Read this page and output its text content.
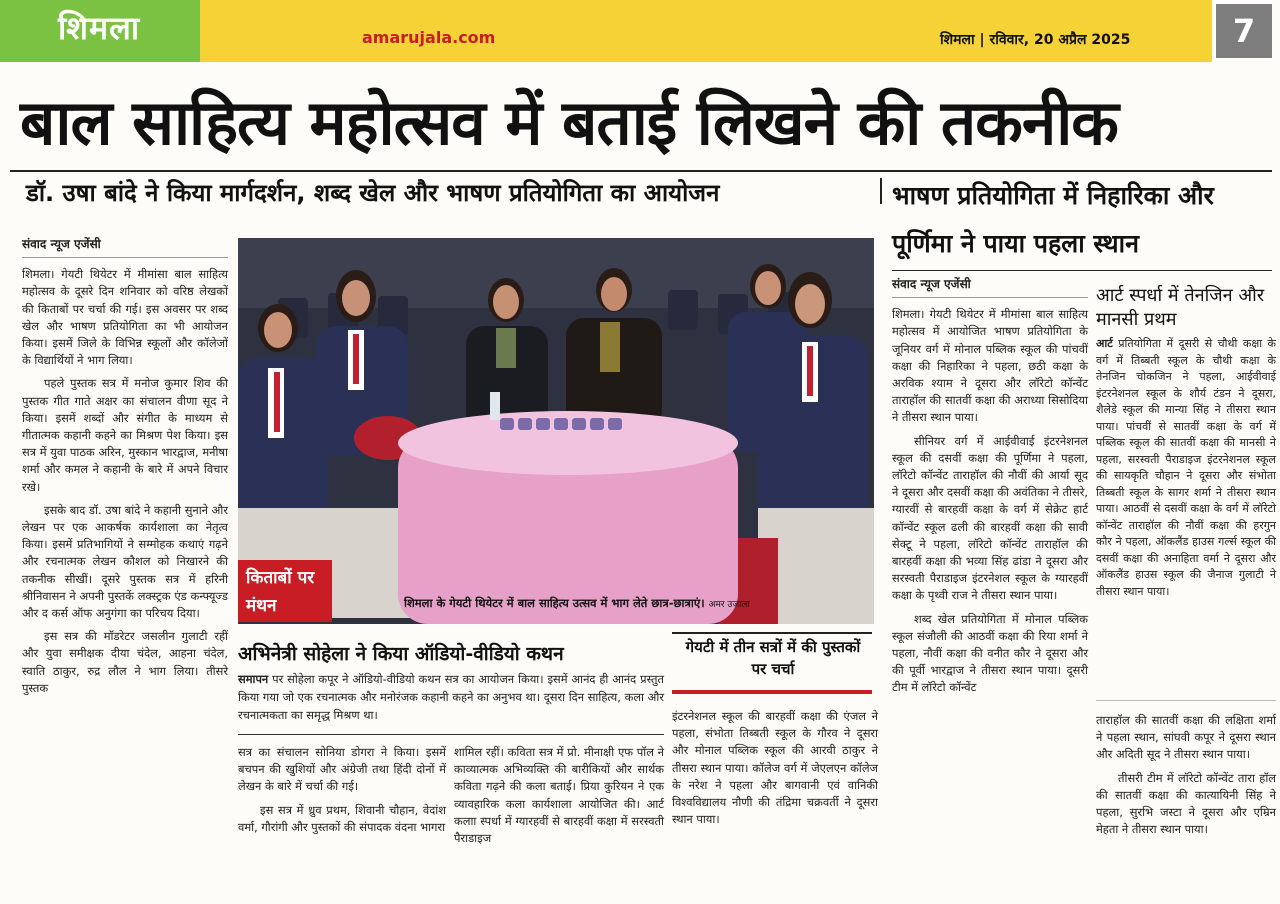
शिमला	amarujala.com	शिमला | रविवार, 20 अप्रैल 2025	7
बाल साहित्य महोत्सव में बताई लिखने की तकनीक
डॉ. उषा बांदे ने किया मार्गदर्शन, शब्द खेल और भाषण प्रतियोगिता का आयोजन	भाषण प्रतियोगिता में निहारिका और पूर्णिमा ने पाया पहला स्थान

संवाद न्यूज एजेंसी

शिमला। गेयटी थियेटर में मीमांसा बाल साहित्य महोत्सव के दूसरे दिन शनिवार को वरिष्ठ लेखकों की किताबों पर चर्चा की गई। इस अवसर पर शब्द खेल और भाषण प्रतियोगिता का भी आयोजन किया। इसमें जिले के विभिन्न स्कूलों और कॉलेजों के विद्यार्थियों ने भाग लिया।

पहले पुस्तक सत्र में मनोज कुमार शिव की पुस्तक गीत गाते अक्षर का संचालन वीणा सूद ने किया। इसमें शब्दों और संगीत के माध्यम से गीतात्मक कहानी कहने का मिश्रण पेश किया। इस सत्र में युवा पाठक अरिन, मुस्कान भारद्वाज, मनीषा शर्मा और कमल ने कहानी के बारे में अपने विचार रखे।

इसके बाद डॉ. उषा बांदे ने कहानी सुनाने और लेखन पर एक आकर्षक कार्यशाला का नेतृत्व किया। इसमें प्रतिभागियों ने सम्मोहक कथाएं गढ़ने और रचनात्मक लेखन कौशल को निखारने की तकनीक सीखीं। दूसरे पुस्तक सत्र में हरिनी श्रीनिवासन ने अपनी पुस्तकें लक्स्ट्रक एंड कन्फ्यूज्ड और द कर्स ऑफ अनुगंगा का परिचय दिया।

इस सत्र की मॉडरेटर जसलीन गुलाटी रहीं और युवा समीक्षक दीया चंदेल, आहना चंदेल, स्वाति ठाकुर, रुद्र लौल ने भाग लिया। तीसरे पुस्तक

किताबों पर मंथन	शिमला के गेयटी थियेटर में बाल साहित्य उत्सव में भाग लेते छात्र-छात्राएं। अमर उजाला
अभिनेत्री सोहेला ने किया ऑडियो-वीडियो कथन
समापन पर सोहेला कपूर ने ऑडियो-वीडियो कथन सत्र का आयोजन किया। इसमें आनंद ही आनंद प्रस्तुत किया गया जो एक रचनात्मक और मनोरंजक कहानी कहने का अनुभव था। दूसरा दिन साहित्य, कला और रचनात्मकता का समृद्ध मिश्रण था।
गेयटी में तीन सत्रों में की पुस्तकों पर चर्चा

सत्र का संचालन सोनिया डोगरा ने किया। इसमें बचपन की खुशियों और अंग्रेजी तथा हिंदी दोनों में लेखन के बारे में चर्चा की गई।

इस सत्र में ध्रुव प्रथम, शिवानी चौहान, वेदांश वर्मा, गौरांगी और पुस्तकों की संपादक वंदना भागरा

शामिल रहीं। कविता सत्र में प्रो. मीनाक्षी एफ पॉल ने काव्यात्मक अभिव्यक्ति की बारीकियों और सार्थक कविता गढ़ने की कला बताई। प्रिया कुरियन ने एक व्यावहारिक कला कार्यशाला आयोजित की। आर्ट कलाा स्पर्धा में ग्यारहवीं से बारहवीं कक्षा में सरस्वती पैराडाइज

इंटरनेशनल स्कूल की बारहवीं कक्षा की एंजल ने पहला, संभोता तिब्बती स्कूल के गौरव ने दूसरा और मोनाल पब्लिक स्कूल की आरवी ठाकुर ने तीसरा स्थान पाया। कॉलेज वर्ग में जेएलएन कॉलेज के नरेश ने पहला और बागवानी एवं वानिकी विश्वविद्यालय नौणी की तंद्रिमा चक्रवर्ती ने दूसरा स्थान पाया।

संवाद न्यूज एजेंसी

शिमला। गेयटी थियेटर में मीमांसा बाल साहित्य महोत्सव में आयोजित भाषण प्रतियोगिता के जूनियर वर्ग में मोनाल पब्लिक स्कूल की पांचवीं कक्षा की निहारिका ने पहला, छठी कक्षा के अरविक श्याम ने दूसरा और लॉरेटो कॉन्वेंट ताराहॉल की सातवीं कक्षा की अराध्या सिसोदिया ने तीसरा स्थान पाया।

सीनियर वर्ग में आईवीवाई इंटरनेशनल स्कूल की दसवीं कक्षा की पूर्णिमा ने पहला, लॉरेटो कॉन्वेंट ताराहॉल की नौवीं की आर्या सूद ने दूसरा और दसवीं कक्षा की अवंतिका ने तीसरे, ग्यारवीं से बारहवीं कक्षा के वर्ग में सेक्रेट हार्ट कॉन्वेंट स्कूल ढली की बारहवीं कक्षा की सावी सेक्टू ने पहला, लॉरेटो कॉन्वेंट ताराहॉल की बारहवीं कक्षा की भव्या सिंह ढांडा ने दूसरा और सरस्वती पैराडाइज इंटरनेशल स्कूल के ग्यारहवीं कक्षा के पृथ्वी राज ने तीसरा स्थान पाया।

शब्द खेल प्रतियोगिता में मोनाल पब्लिक स्कूल संजौली की आठवीं कक्षा की रिया शर्मा ने पहला, नौवीं कक्षा की वनीत कौर ने दूसरा और की पूर्वी भारद्वाज ने तीसरा स्थान पाया। दूसरी टीम में लॉरेटो कॉन्वेंट

आर्ट स्पर्धा में तेनजिन और मानसी प्रथम
आर्ट प्रतियोगिता में दूसरी से चौथी कक्षा के वर्ग में तिब्बती स्कूल के चौथी कक्षा के तेनजिन चोकजिन ने पहला, आईवीवाई इंटरनेशनल स्कूल के शौर्य टंडन ने दूसरा, शैलेडे स्कूल की मान्या सिंह ने तीसरा स्थान पाया। पांचवीं से सातवीं कक्षा के वर्ग में पब्लिक स्कूल की सातवीं कक्षा की मानसी ने पहला, सरस्वती पैराडाइज इंटरनेशनल स्कूल की सायकृति चौहान ने दूसरा और संभोता तिब्बती स्कूल के सागर शर्मा ने तीसरा स्थान पाया। आठवीं से दसवीं कक्षा के वर्ग में लॉरेटो कॉन्वेंट ताराहॉल की नौवीं कक्षा की हरगुन कौर ने पहला, ऑकलैंड हाउस गर्ल्स स्कूल की दसवीं कक्षा की अनाहिता वर्मा ने दूसरा और ऑकलैंड हाउस स्कूल की जैनाज गुलाटी ने तीसरा स्थान पाया।

ताराहॉल की सातवीं कक्षा की लक्षिता शर्मा ने पहला स्थान, सांघवी कपूर ने दूसरा स्थान और अदिती सूद ने तीसरा स्थान पाया।

तीसरी टीम में लॉरेटो कॉन्वेंट तारा हॉल की सातवीं कक्षा की कात्यायिनी सिंह ने पहला, सुरभि जस्टा ने दूसरा और एम्रिन मेहता ने तीसरा स्थान पाया।
